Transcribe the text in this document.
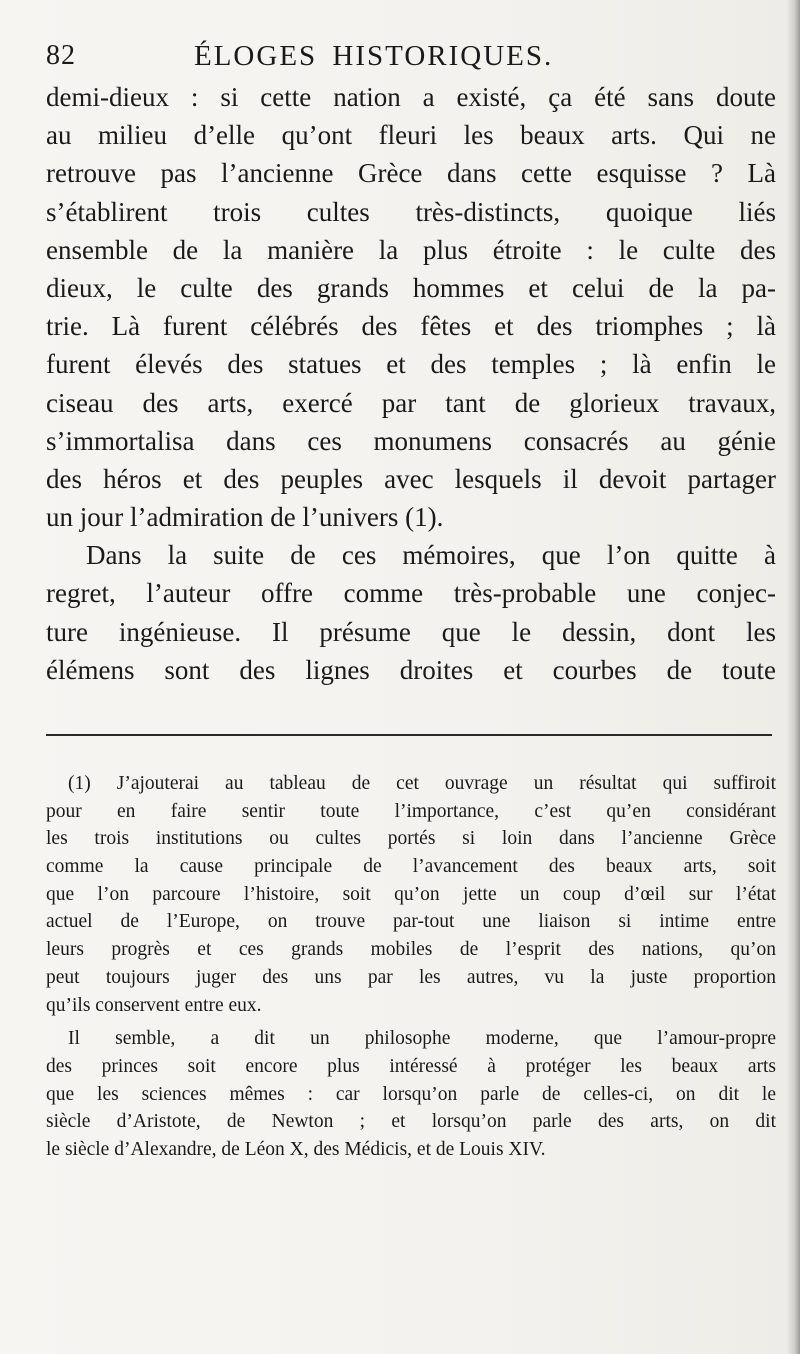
82	ÉLOGES HISTORIQUES.
demi-dieux : si cette nation a existé, ça été sans doute
au milieu d’elle qu’ont fleuri les beaux arts. Qui ne
retrouve pas l’ancienne Grèce dans cette esquisse ? Là
s’établirent trois cultes très-distincts, quoique liés
ensemble de la manière la plus étroite : le culte des
dieux, le culte des grands hommes et celui de la pa-
trie. Là furent célébrés des fêtes et des triomphes ; là
furent élevés des statues et des temples ; là enfin le
ciseau des arts, exercé par tant de glorieux travaux,
s’immortalisa dans ces monumens consacrés au génie
des héros et des peuples avec lesquels il devoit partager
un jour l’admiration de l’univers (1).
Dans la suite de ces mémoires, que l’on quitte à
regret, l’auteur offre comme très-probable une conjec-
ture ingénieuse. Il présume que le dessin, dont les
élémens sont des lignes droites et courbes de toute
(1) J’ajouterai au tableau de cet ouvrage un résultat qui suffiroit
pour en faire sentir toute l’importance, c’est qu’en considérant
les trois institutions ou cultes portés si loin dans l’ancienne Grèce
comme la cause principale de l’avancement des beaux arts, soit
que l’on parcoure l’histoire, soit qu’on jette un coup d’œil sur l’état
actuel de l’Europe, on trouve par-tout une liaison si intime entre
leurs progrès et ces grands mobiles de l’esprit des nations, qu’on
peut toujours juger des uns par les autres, vu la juste proportion
qu’ils conservent entre eux.
Il semble, a dit un philosophe moderne, que l’amour-propre
des princes soit encore plus intéressé à protéger les beaux arts
que les sciences mêmes : car lorsqu’on parle de celles-ci, on dit le
siècle d’Aristote, de Newton ; et lorsqu’on parle des arts, on dit
le siècle d’Alexandre, de Léon X, des Médicis, et de Louis XIV.
